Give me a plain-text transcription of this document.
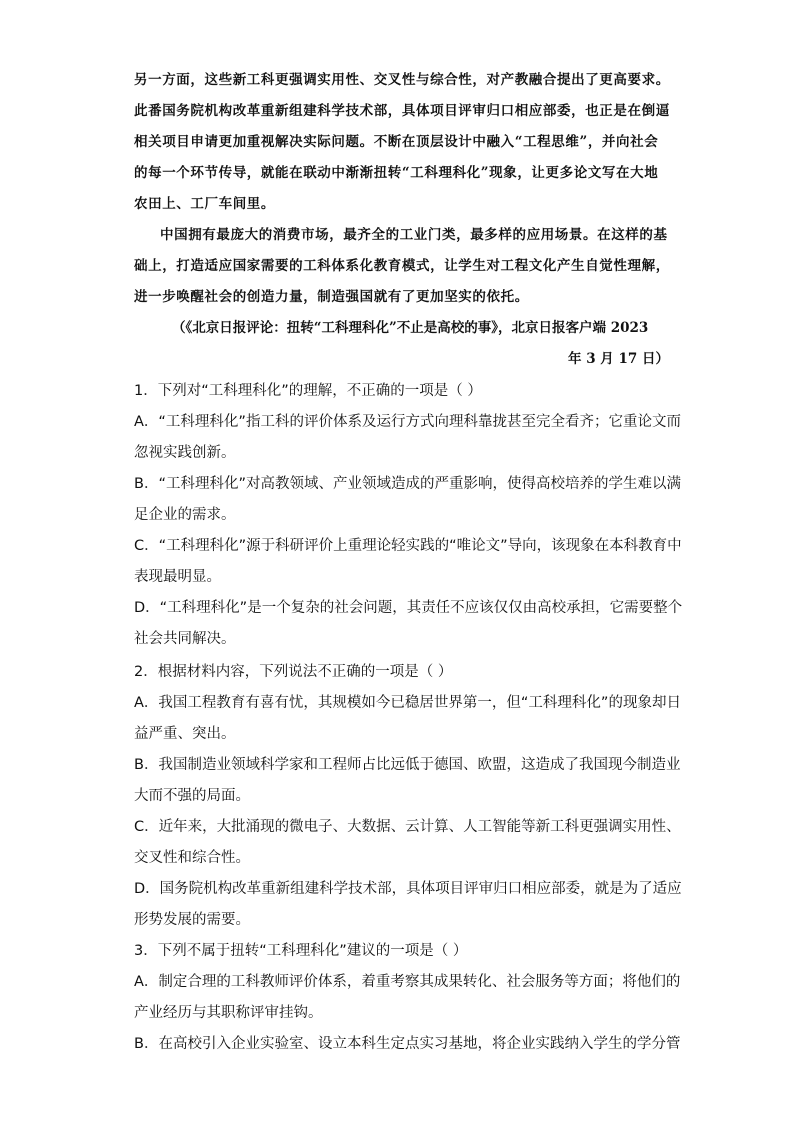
另一方面，这些新工科更强调实用性、交叉性与综合性，对产教融合提出了更高要求。
此番国务院机构改革重新组建科学技术部，具体项目评审归口相应部委，也正是在倒逼
相关项目申请更加重视解决实际问题。不断在顶层设计中融入“工程思维”，并向社会
的每一个环节传导，就能在联动中渐渐扭转“工科理科化”现象，让更多论文写在大地
农田上、工厂车间里。
中国拥有最庞大的消费市场，最齐全的工业门类，最多样的应用场景。在这样的基
础上，打造适应国家需要的工科体系化教育模式，让学生对工程文化产生自觉性理解，
进一步唤醒社会的创造力量，制造强国就有了更加坚实的依托。
（《北京日报评论：扭转“工科理科化”不止是高校的事》，北京日报客户端 2023
年 3 月 17 日）
1．下列对“工科理科化”的理解，不正确的一项是（ ）
A．“工科理科化”指工科的评价体系及运行方式向理科靠拢甚至完全看齐；它重论文而
忽视实践创新。
B．“工科理科化”对高教领域、产业领域造成的严重影响，使得高校培养的学生难以满
足企业的需求。
C．“工科理科化”源于科研评价上重理论轻实践的“唯论文”导向，该现象在本科教育中
表现最明显。
D．“工科理科化”是一个复杂的社会问题，其责任不应该仅仅由高校承担，它需要整个
社会共同解决。
2．根据材料内容，下列说法不正确的一项是（ ）
A．我国工程教育有喜有忧，其规模如今已稳居世界第一，但“工科理科化”的现象却日
益严重、突出。
B．我国制造业领域科学家和工程师占比远低于德国、欧盟，这造成了我国现今制造业
大而不强的局面。
C．近年来，大批涌现的微电子、大数据、云计算、人工智能等新工科更强调实用性、
交叉性和综合性。
D．国务院机构改革重新组建科学技术部，具体项目评审归口相应部委，就是为了适应
形势发展的需要。
3．下列不属于扭转“工科理科化”建议的一项是（ ）
A．制定合理的工科教师评价体系，着重考察其成果转化、社会服务等方面；将他们的
产业经历与其职称评审挂钩。
B．在高校引入企业实验室、设立本科生定点实习基地，将企业实践纳入学生的学分管
